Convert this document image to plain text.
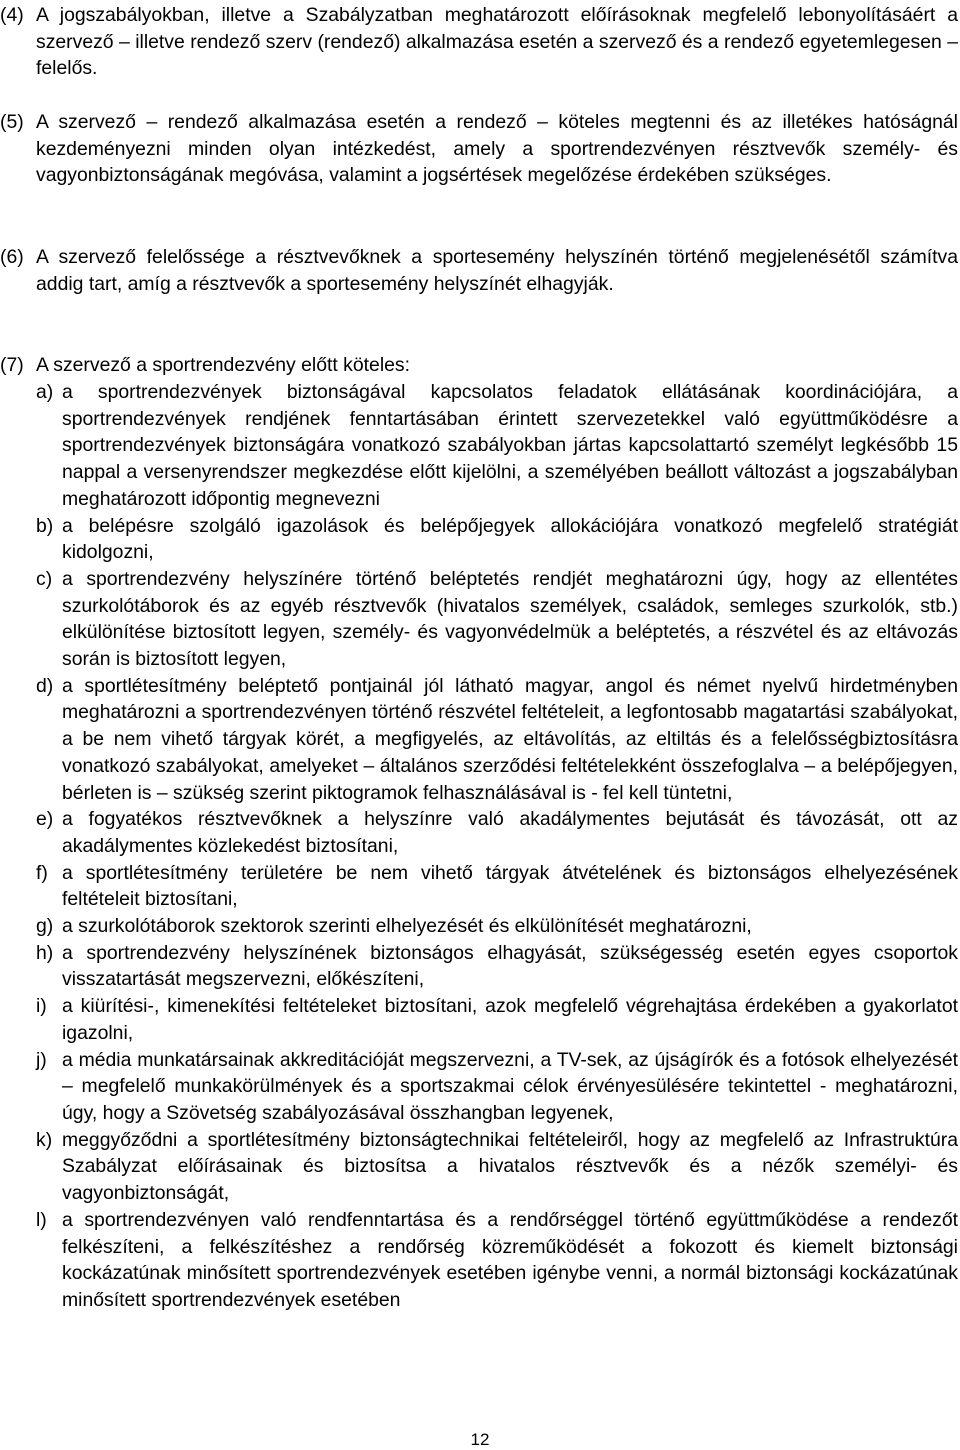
(4) A jogszabályokban, illetve a Szabályzatban meghatározott előírásoknak megfelelő lebonyolításáért a szervező – illetve rendező szerv (rendező) alkalmazása esetén a szervező és a rendező egyetemlegesen – felelős.

(5) A szervező – rendező alkalmazása esetén a rendező – köteles megtenni és az illetékes hatóságnál kezdeményezni minden olyan intézkedést, amely a sportrendezvényen résztvevők személy- és vagyonbiztonságának megóvása, valamint a jogsértések megelőzése érdekében szükséges.

(6) A szervező felelőssége a résztvevőknek a sportesemény helyszínén történő megjelenésétől számítva addig tart, amíg a résztvevők a sportesemény helyszínét elhagyják.

(7) A szervező a sportrendezvény előtt köteles:

a) a sportrendezvények biztonságával kapcsolatos feladatok ellátásának koordinációjára, a sportrendezvények rendjének fenntartásában érintett szervezetekkel való együttműködésre a sportrendezvények biztonságára vonatkozó szabályokban jártas kapcsolattartó személyt legkésőbb 15 nappal a versenyrendszer megkezdése előtt kijelölni, a személyében beállott változást a jogszabályban meghatározott időpontig megnevezni

b) a belépésre szolgáló igazolások és belépőjegyek allokációjára vonatkozó megfelelő stratégiát kidolgozni,

c) a sportrendezvény helyszínére történő beléptetés rendjét meghatározni úgy, hogy az ellentétes szurkolótáborok és az egyéb résztvevők (hivatalos személyek, családok, semleges szurkolók, stb.) elkülönítése biztosított legyen, személy- és vagyonvédelmük a beléptetés, a részvétel és az eltávozás során is biztosított legyen,

d) a sportlétesítmény beléptető pontjainál jól látható magyar, angol és német nyelvű hirdetményben meghatározni a sportrendezvényen történő részvétel feltételeit, a legfontosabb magatartási szabályokat, a be nem vihető tárgyak körét, a megfigyelés, az eltávolítás, az eltiltás és a felelősségbiztosításra vonatkozó szabályokat, amelyeket – általános szerződési feltételekként összefoglalva – a belépőjegyen, bérleten is – szükség szerint piktogramok felhasználásával is - fel kell tüntetni,

e) a fogyatékos résztvevőknek a helyszínre való akadálymentes bejutását és távozását, ott az akadálymentes közlekedést biztosítani,

f) a sportlétesítmény területére be nem vihető tárgyak átvételének és biztonságos elhelyezésének feltételeit biztosítani,

g) a szurkolótáborok szektorok szerinti elhelyezését és elkülönítését meghatározni,

h) a sportrendezvény helyszínének biztonságos elhagyását, szükségesség esetén egyes csoportok visszatartását megszervezni, előkészíteni,

i) a kiürítési-, kimenekítési feltételeket biztosítani, azok megfelelő végrehajtása érdekében a gyakorlatot igazolni,

j) a média munkatársainak akkreditációját megszervezni, a TV-sek, az újságírók és a fotósok elhelyezését – megfelelő munkakörülmények és a sportszakmai célok érvényesülésére tekintettel - meghatározni, úgy, hogy a Szövetség szabályozásával összhangban legyenek,

k) meggyőződni a sportlétesítmény biztonságtechnikai feltételeiről, hogy az megfelelő az Infrastruktúra Szabályzat előírásainak és biztosítsa a hivatalos résztvevők és a nézők személyi- és vagyonbiztonságát,

l) a sportrendezvényen való rendfenntartása és a rendőrséggel történő együttműködése a rendezőt felkészíteni, a felkészítéshez a rendőrség közreműködését a fokozott és kiemelt biztonsági kockázatúnak minősített sportrendezvények esetében igénybe venni, a normál biztonsági kockázatúnak minősített sportrendezvények esetében

12
